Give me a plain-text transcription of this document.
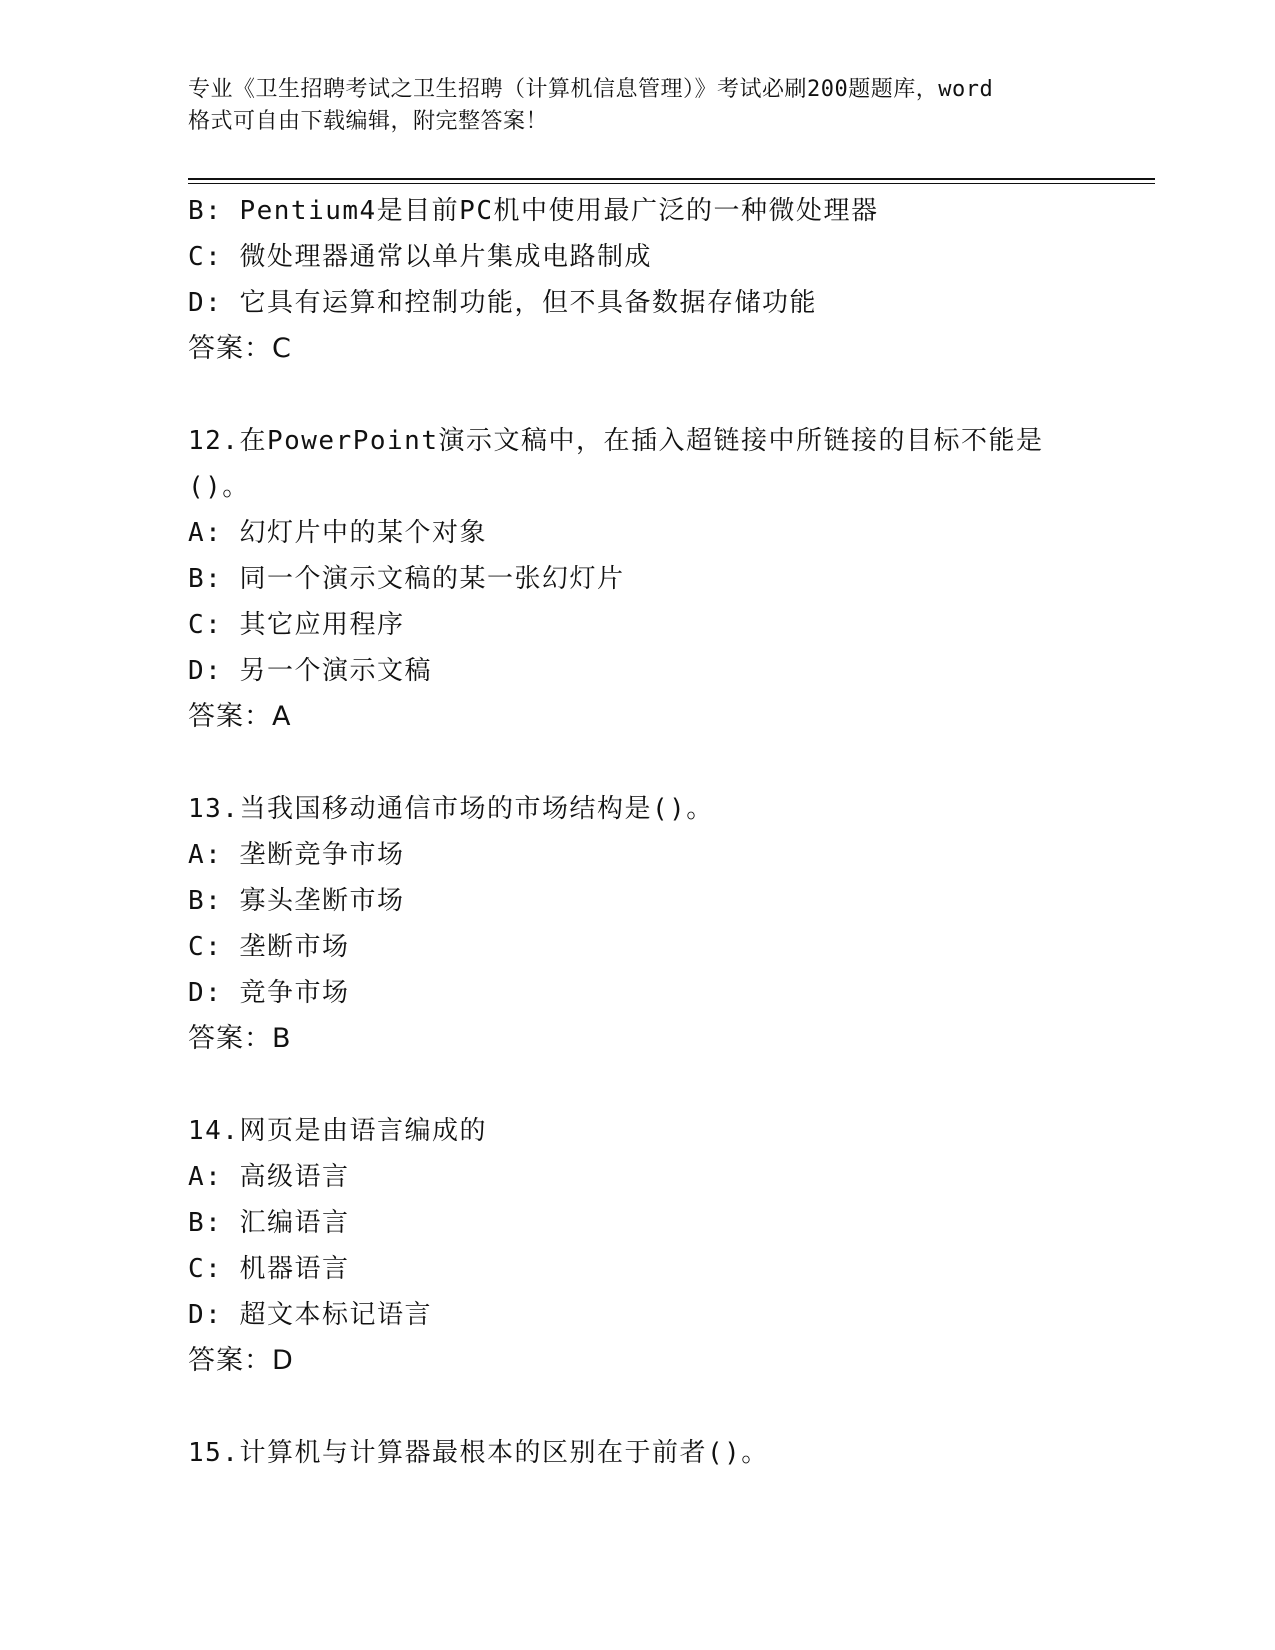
专业《卫生招聘考试之卫生招聘（计算机信息管理）》考试必刷200题题库，word
格式可自由下载编辑，附完整答案！
B: Pentium4是目前PC机中使用最广泛的一种微处理器
C: 微处理器通常以单片集成电路制成
D: 它具有运算和控制功能，但不具备数据存储功能
答案：C
12.在PowerPoint演示文稿中，在插入超链接中所链接的目标不能是
()。
A: 幻灯片中的某个对象
B: 同一个演示文稿的某一张幻灯片
C: 其它应用程序
D: 另一个演示文稿
答案：A
13.当我国移动通信市场的市场结构是()。
A: 垄断竞争市场
B: 寡头垄断市场
C: 垄断市场
D: 竞争市场
答案：B
14.网页是由语言编成的
A: 高级语言
B: 汇编语言
C: 机器语言
D: 超文本标记语言
答案：D
15.计算机与计算器最根本的区别在于前者()。
